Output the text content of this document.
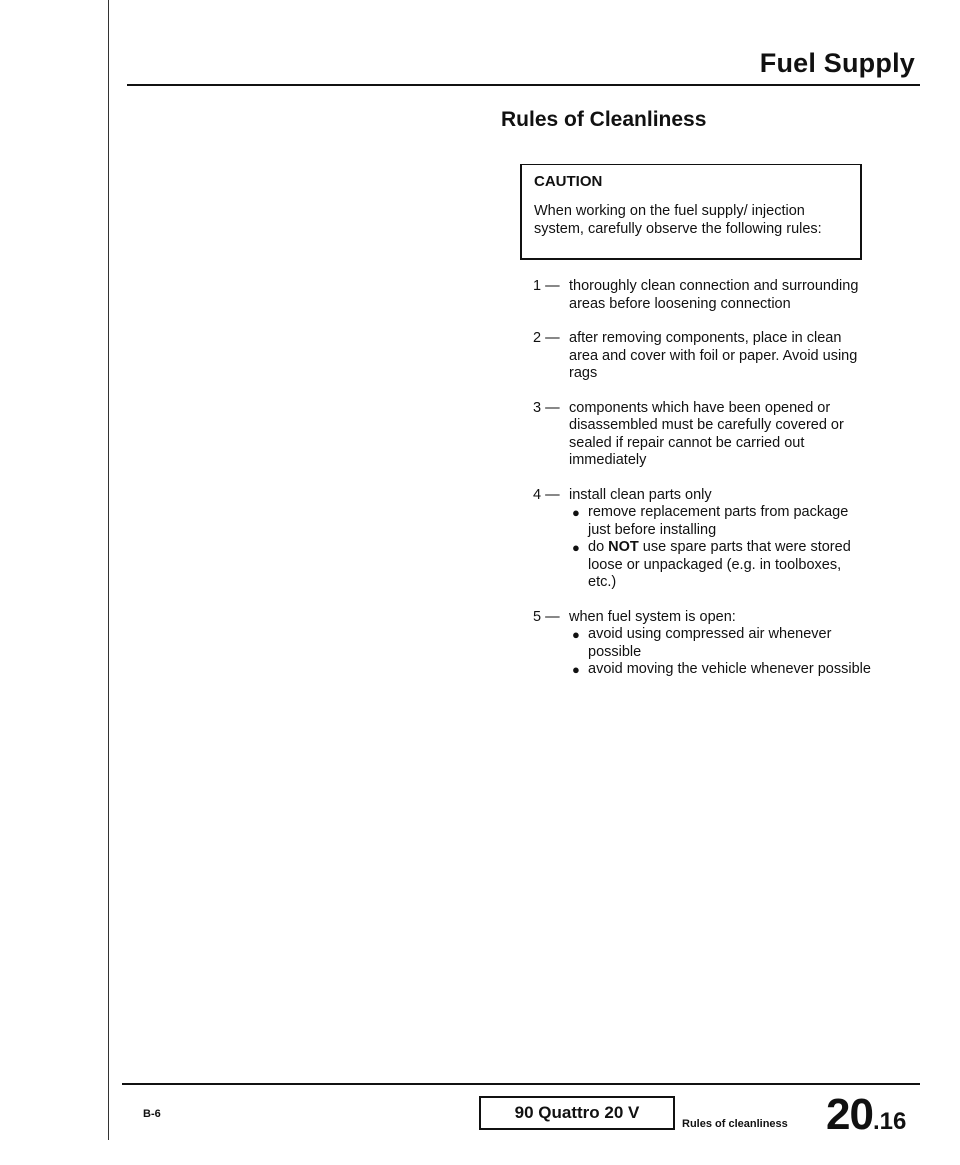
Fuel Supply
Rules of Cleanliness
CAUTION
When working on the fuel supply/ injection system, carefully observe the following rules:
1 — thoroughly clean connection and surrounding areas before loosening connection
2 — after removing components, place in clean area and cover with foil or paper. Avoid using rags
3 — components which have been opened or disassembled must be carefully covered or sealed if repair cannot be carried out immediately
4 — install clean parts only
● remove replacement parts from package just before installing
● do NOT use spare parts that were stored loose or unpackaged (e.g. in toolboxes, etc.)
5 — when fuel system is open:
● avoid using compressed air whenever possible
● avoid moving the vehicle whenever possible
B-6	90 Quattro 20 V
Rules of cleanliness 20.16
